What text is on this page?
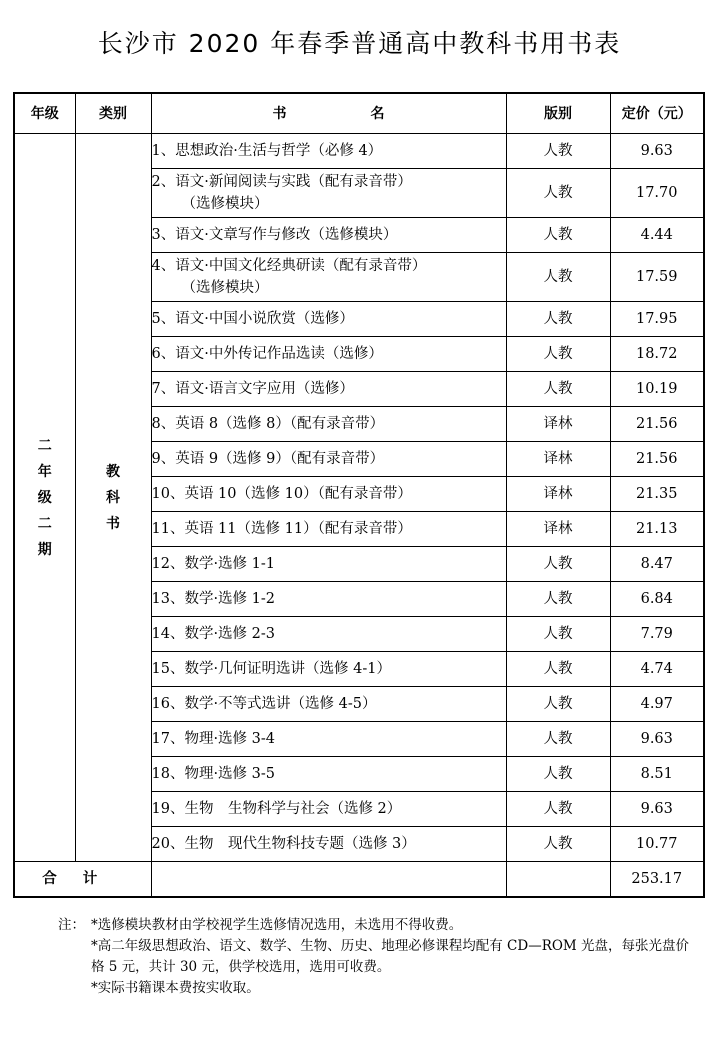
长沙市 2020 年春季普通高中教科书用书表
年级	类别	书　　　　　　名	版别	定价（元）
二年级二期	教科书	1、思想政治·生活与哲学（必修 4）	人教	9.63
		2、语文·新闻阅读与实践（配有录音带）
（选修模块）	人教	17.70
		3、语文·文章写作与修改（选修模块）	人教	4.44
		4、语文·中国文化经典研读（配有录音带）
（选修模块）	人教	17.59
		5、语文·中国小说欣赏（选修）	人教	17.95
		6、语文·中外传记作品选读（选修）	人教	18.72
		7、语文·语言文字应用（选修）	人教	10.19
		8、英语 8（选修 8）（配有录音带）	译林	21.56
		9、英语 9（选修 9）（配有录音带）	译林	21.56
		10、英语 10（选修 10）（配有录音带）	译林	21.35
		11、英语 11（选修 11）（配有录音带）	译林	21.13
		12、数学·选修 1-1	人教	8.47
		13、数学·选修 1-2	人教	6.84
		14、数学·选修 2-3	人教	7.79
		15、数学·几何证明选讲（选修 4-1）	人教	4.74
		16、数学·不等式选讲（选修 4-5）	人教	4.97
		17、物理·选修 3-4	人教	9.63
		18、物理·选修 3-5	人教	8.51
		19、生物　生物科学与社会（选修 2）	人教	9.63
		20、生物　现代生物科技专题（选修 3）	人教	10.77
合计				253.17
注： *选修模块教材由学校视学生选修情况选用，未选用不得收费。
*高二年级思想政治、语文、数学、生物、历史、地理必修课程均配有 CD—ROM 光盘，每张光盘价格 5 元，共计 30 元，供学校选用，选用可收费。
*实际书籍课本费按实收取。
